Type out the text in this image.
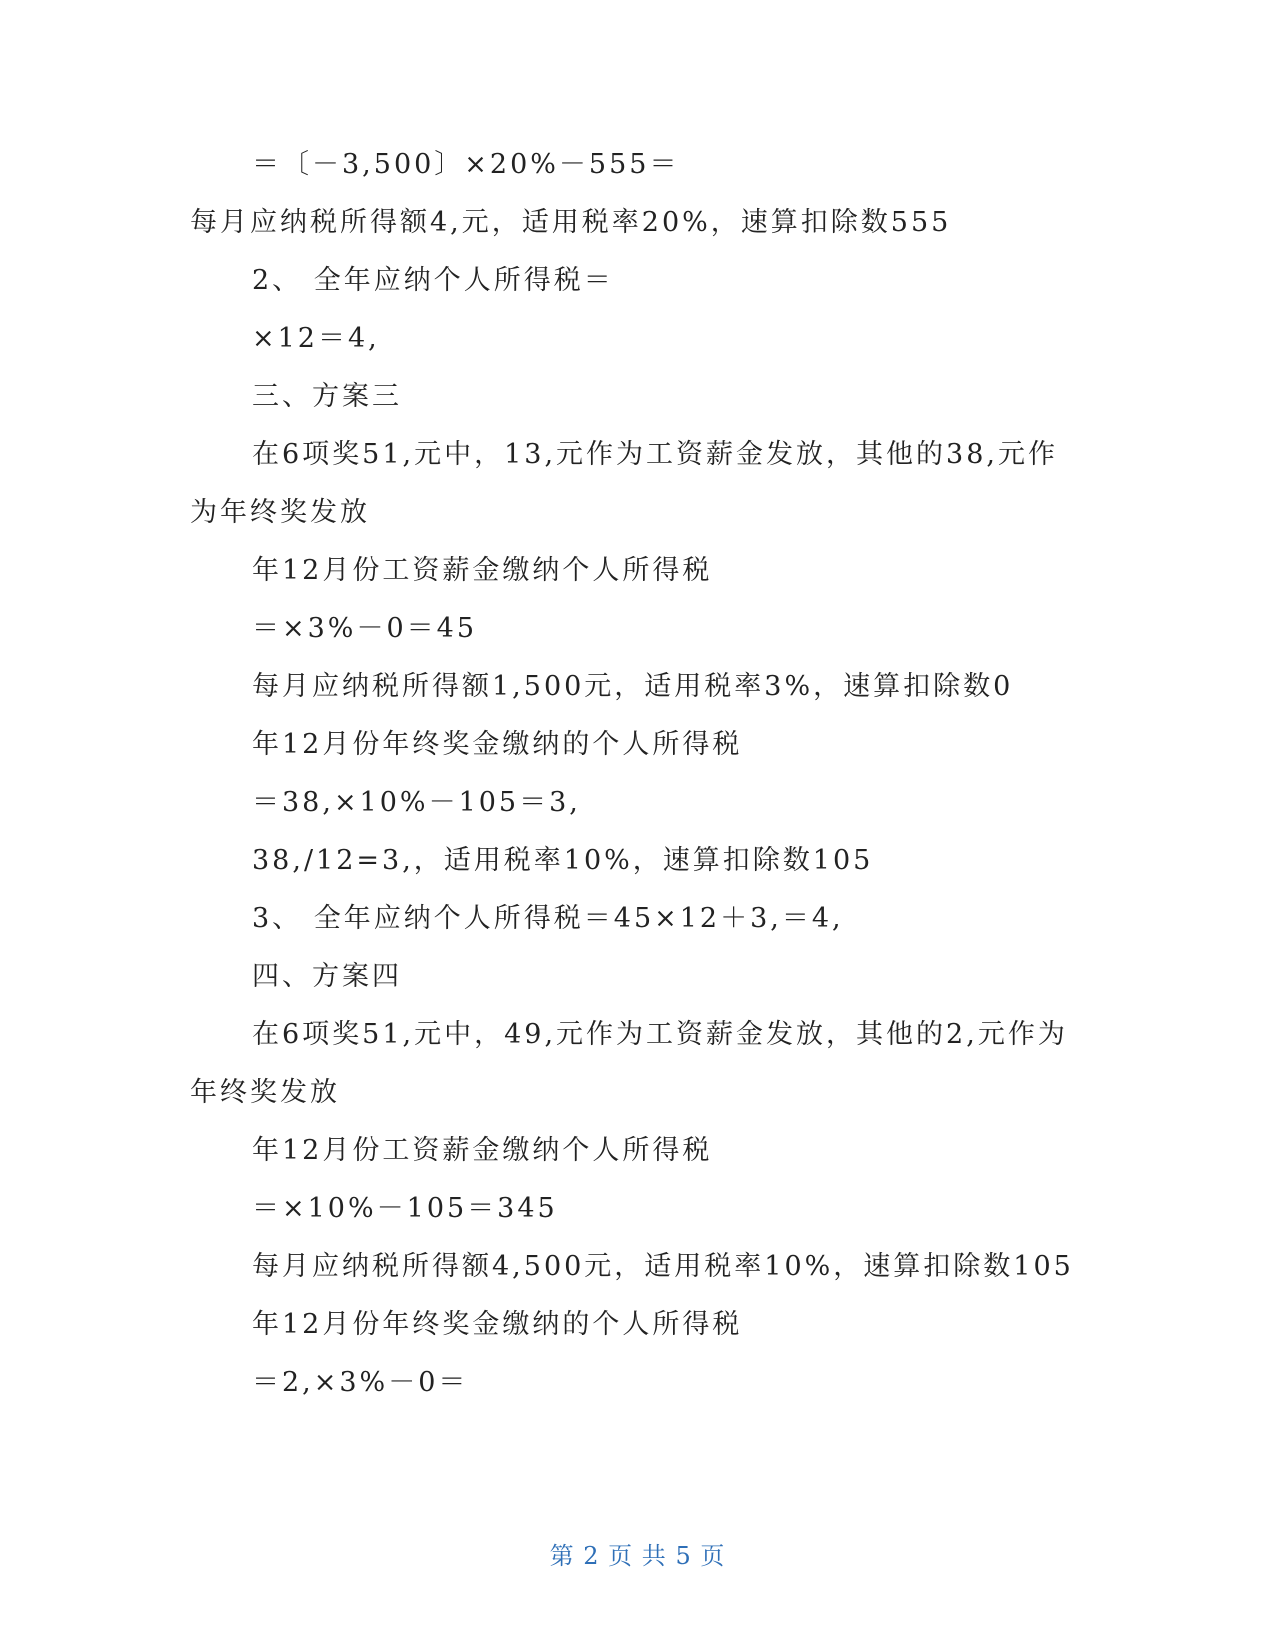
＝〔－3,500〕×20%－555＝

每月应纳税所得额4,元，适用税率20%，速算扣除数555

2、 全年应纳个人所得税＝

×12＝4,

三、方案三

在6项奖51,元中，13,元作为工资薪金发放，其他的38,元作

为年终奖发放

年12月份工资薪金缴纳个人所得税

＝×3%－0＝45

每月应纳税所得额1,500元，适用税率3%，速算扣除数0

年12月份年终奖金缴纳的个人所得税

＝38,×10%－105＝3,

38,/12=3,，适用税率10%，速算扣除数105

3、 全年应纳个人所得税＝45×12＋3,＝4,

四、方案四

在6项奖51,元中，49,元作为工资薪金发放，其他的2,元作为

年终奖发放

年12月份工资薪金缴纳个人所得税

＝×10%－105＝345

每月应纳税所得额4,500元，适用税率10%，速算扣除数105

年12月份年终奖金缴纳的个人所得税

＝2,×3%－0＝

第 2 页 共 5 页
